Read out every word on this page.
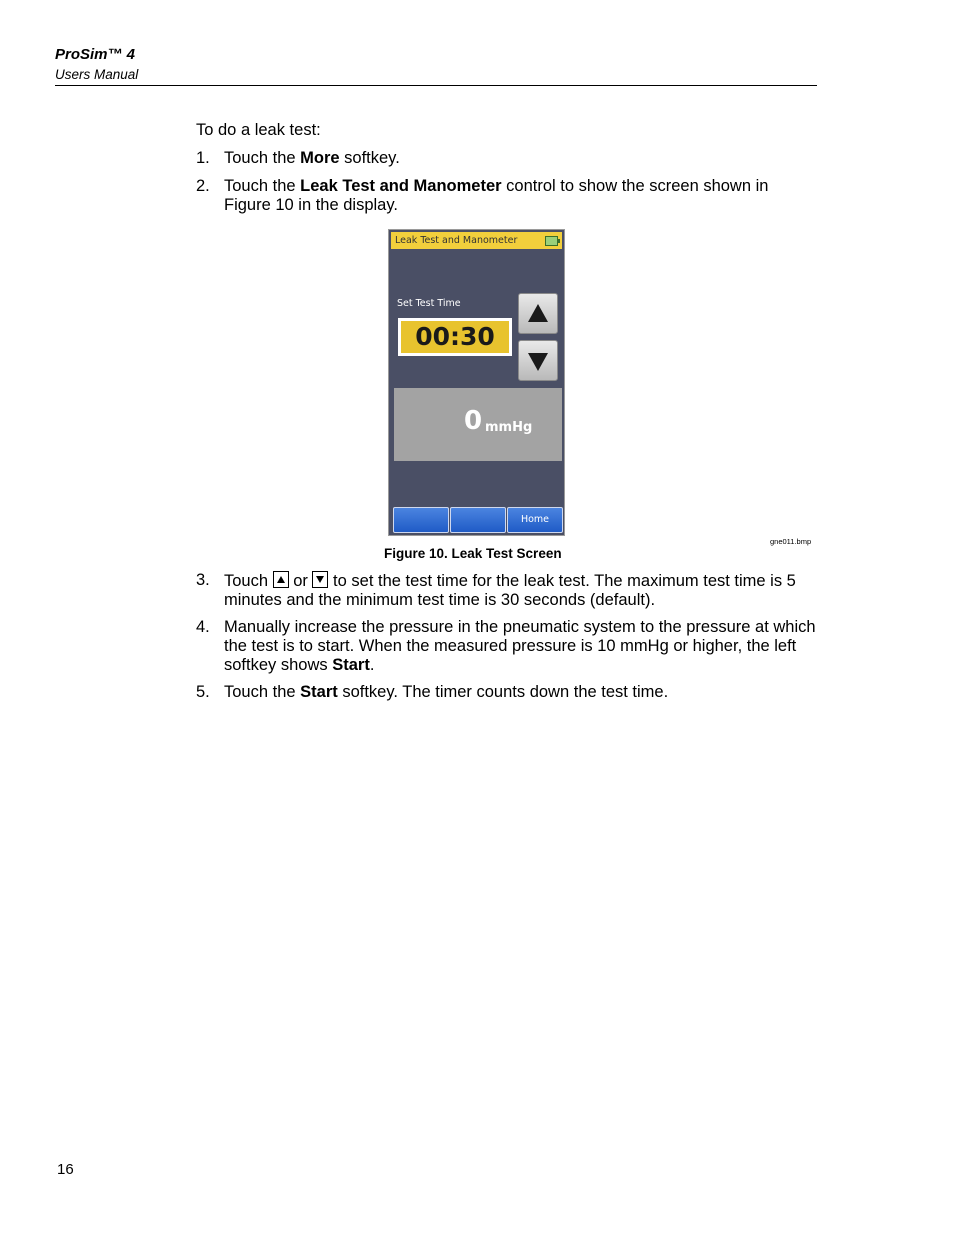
ProSim™ 4
Users Manual
To do a leak test:
1. Touch the More softkey.
2. Touch the Leak Test and Manometer control to show the screen shown in Figure 10 in the display.
Leak Test and Manometer
Set Test Time
00:30
0 mmHg
Home
gne011.bmp
Figure 10. Leak Test Screen
3. Touch  or  to set the test time for the leak test. The maximum test time is 5 minutes and the minimum test time is 30 seconds (default).
4. Manually increase the pressure in the pneumatic system to the pressure at which the test is to start. When the measured pressure is 10 mmHg or higher, the left softkey shows Start.
5. Touch the Start softkey. The timer counts down the test time.
16
